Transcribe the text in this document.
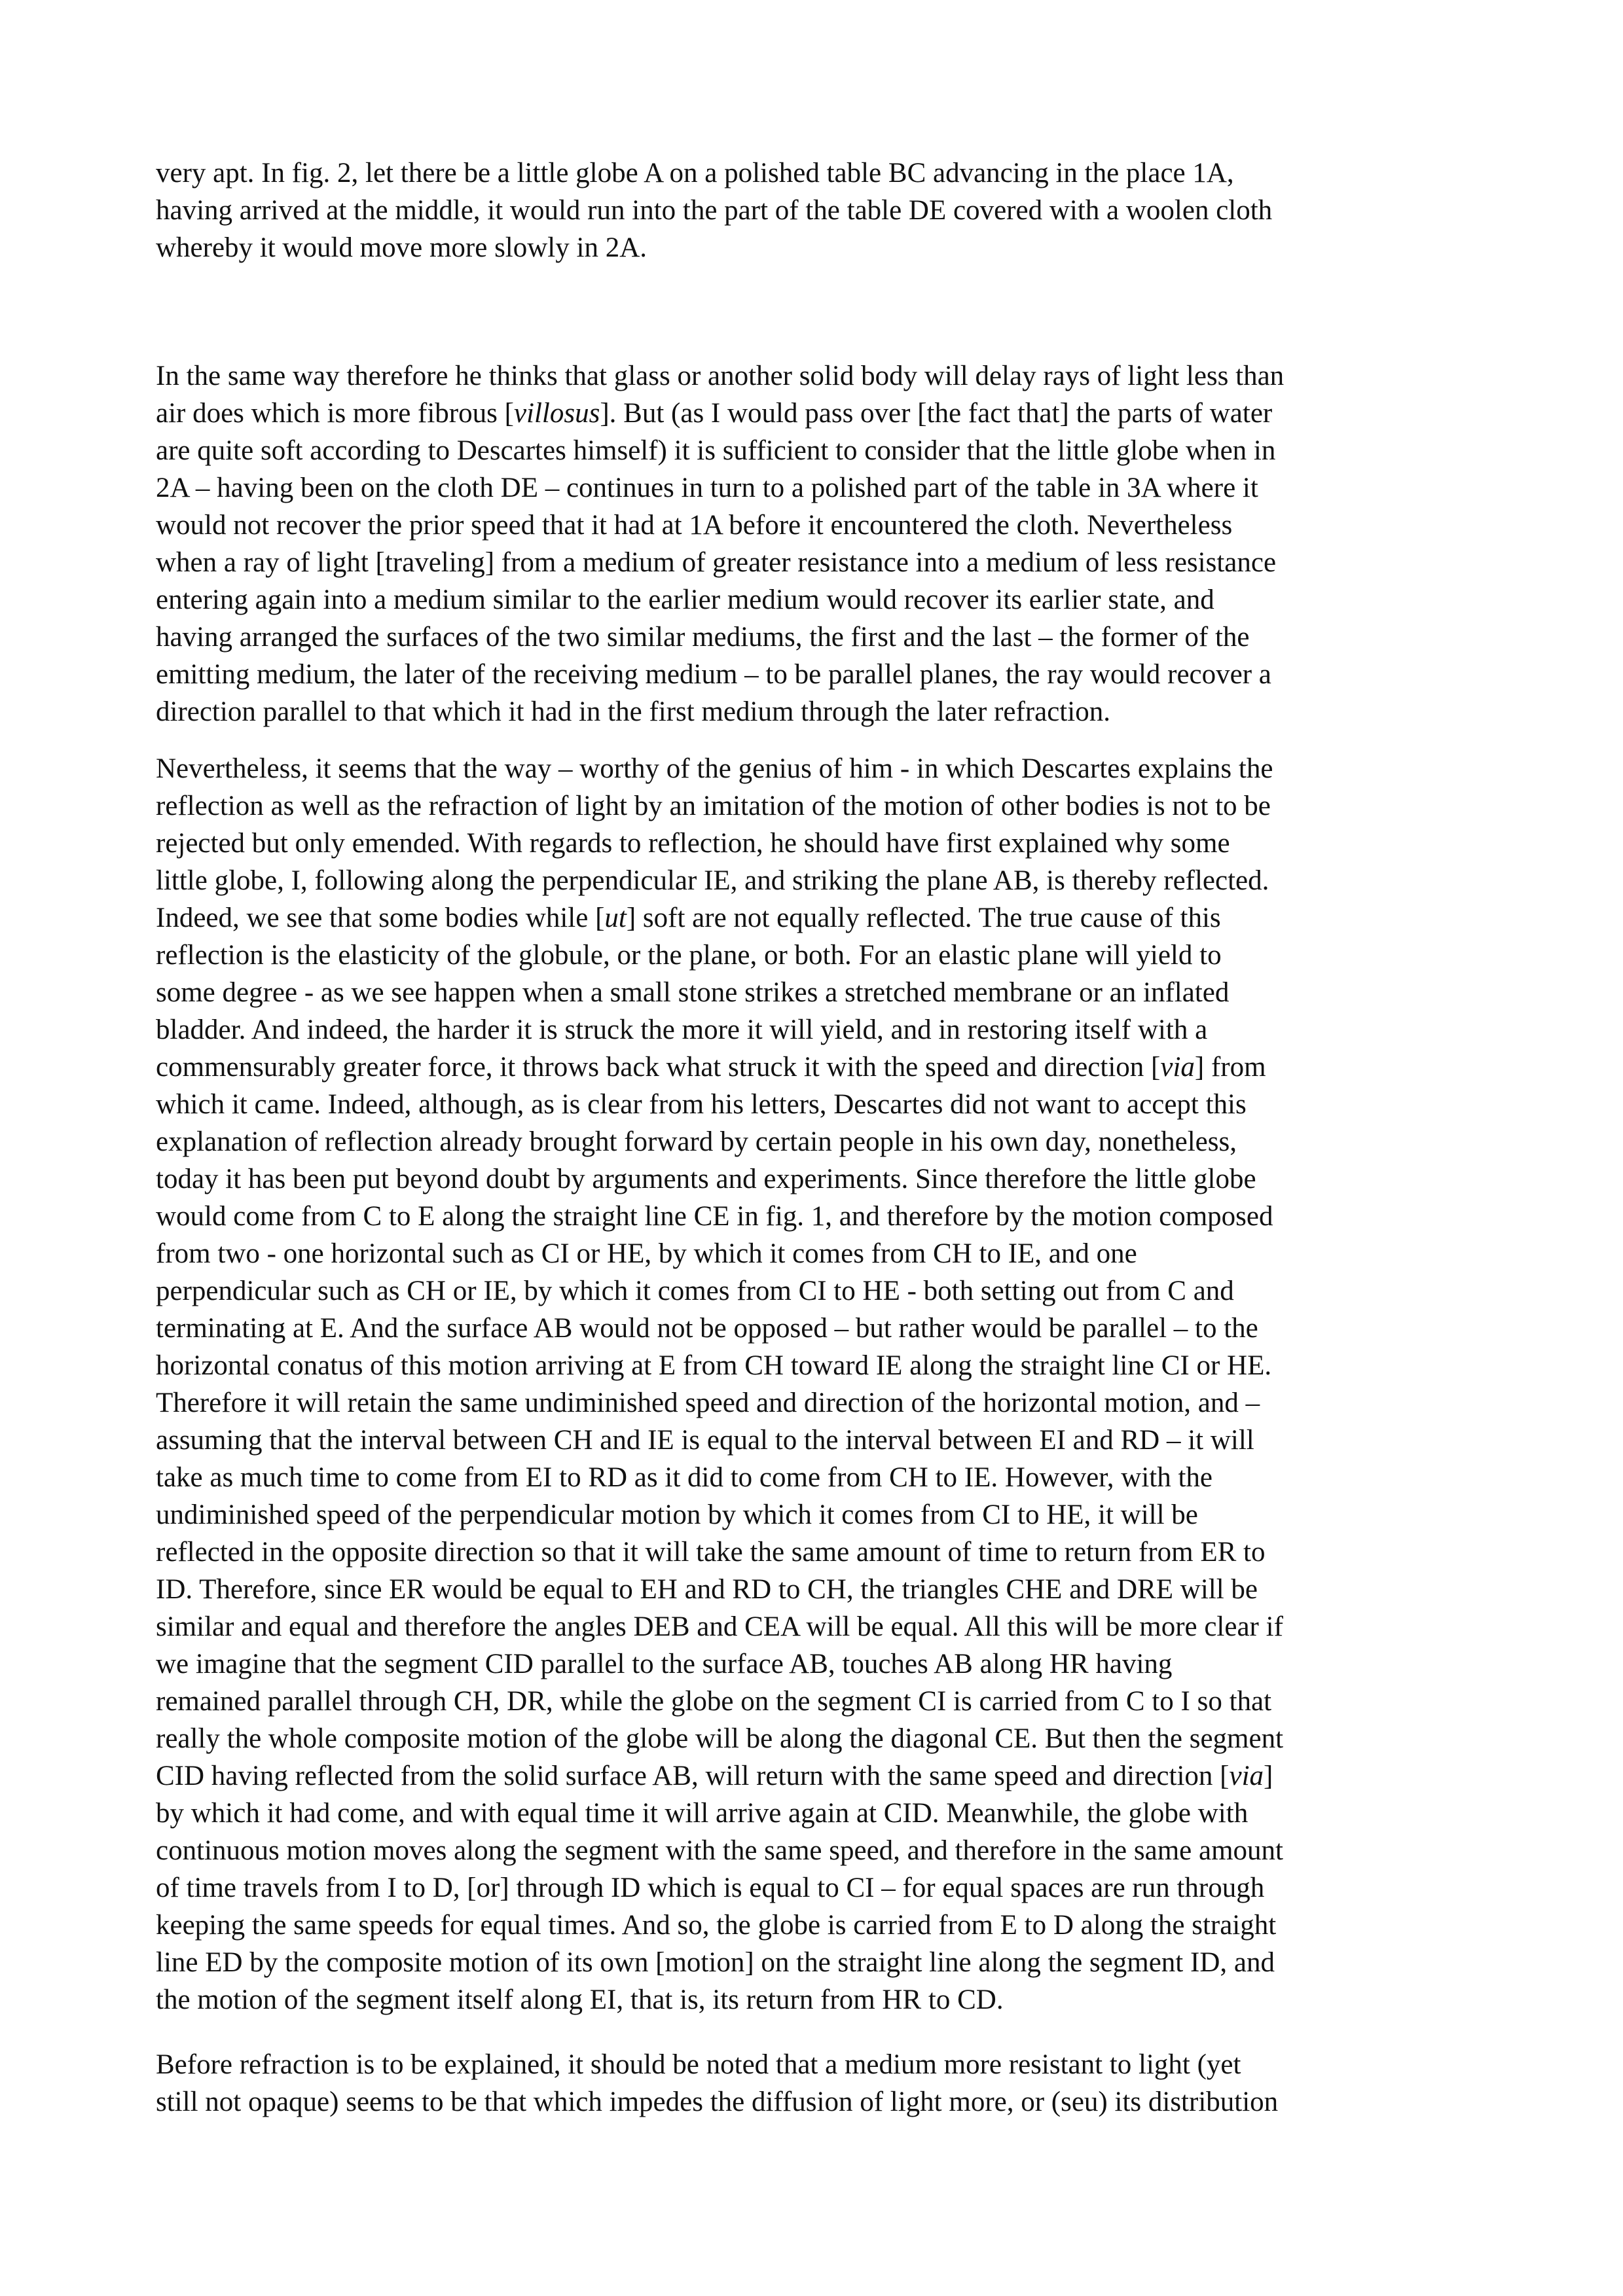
very apt. In fig. 2, let there be a little globe A on a polished table BC advancing in the place 1A,
having arrived at the middle, it would run into the part of the table DE covered with a woolen cloth
whereby it would move more slowly in 2A.
In the same way therefore he thinks that glass or another solid body will delay rays of light less than
air does which is more fibrous [villosus]. But (as I would pass over [the fact that] the parts of water
are quite soft according to Descartes himself) it is sufficient to consider that the little globe when in
2A – having been on the cloth DE – continues in turn to a polished part of the table in 3A where it
would not recover the prior speed that it had at 1A before it encountered the cloth. Nevertheless
when a ray of light [traveling] from a medium of greater resistance into a medium of less resistance
entering again into a medium similar to the earlier medium would recover its earlier state, and
having arranged the surfaces of the two similar mediums, the first and the last – the former of the
emitting medium, the later of the receiving medium – to be parallel planes, the ray would recover a
direction parallel to that which it had in the first medium through the later refraction.
Nevertheless, it seems that the way – worthy of the genius of him - in which Descartes explains the
reflection as well as the refraction of light by an imitation of the motion of other bodies is not to be
rejected but only emended. With regards to reflection, he should have first explained why some
little globe, I, following along the perpendicular IE, and striking the plane AB, is thereby reflected.
Indeed, we see that some bodies while [ut] soft are not equally reflected. The true cause of this
reflection is the elasticity of the globule, or the plane, or both. For an elastic plane will yield to
some degree - as we see happen when a small stone strikes a stretched membrane or an inflated
bladder. And indeed, the harder it is struck the more it will yield, and in restoring itself with a
commensurably greater force, it throws back what struck it with the speed and direction [via] from
which it came. Indeed, although, as is clear from his letters, Descartes did not want to accept this
explanation of reflection already brought forward by certain people in his own day, nonetheless,
today it has been put beyond doubt by arguments and experiments. Since therefore the little globe
would come from C to E along the straight line CE in fig. 1, and therefore by the motion composed
from two - one horizontal such as CI or HE, by which it comes from CH to IE, and one
perpendicular such as CH or IE, by which it comes from CI to HE - both setting out from C and
terminating at E. And the surface AB would not be opposed – but rather would be parallel – to the
horizontal conatus of this motion arriving at E from CH toward IE along the straight line CI or HE.
Therefore it will retain the same undiminished speed and direction of the horizontal motion, and –
assuming that the interval between CH and IE is equal to the interval between EI and RD – it will
take as much time to come from EI to RD as it did to come from CH to IE. However, with the
undiminished speed of the perpendicular motion by which it comes from CI to HE, it will be
reflected in the opposite direction so that it will take the same amount of time to return from ER to
ID. Therefore, since ER would be equal to EH and RD to CH, the triangles CHE and DRE will be
similar and equal and therefore the angles DEB and CEA will be equal. All this will be more clear if
we imagine that the segment CID parallel to the surface AB, touches AB along HR having
remained parallel through CH, DR, while the globe on the segment CI is carried from C to I so that
really the whole composite motion of the globe will be along the diagonal CE. But then the segment
CID having reflected from the solid surface AB, will return with the same speed and direction [via]
by which it had come, and with equal time it will arrive again at CID. Meanwhile, the globe with
continuous motion moves along the segment with the same speed, and therefore in the same amount
of time travels from I to D, [or] through ID which is equal to CI – for equal spaces are run through
keeping the same speeds for equal times. And so, the globe is carried from E to D along the straight
line ED by the composite motion of its own [motion] on the straight line along the segment ID, and
the motion of the segment itself along EI, that is, its return from HR to CD.
Before refraction is to be explained, it should be noted that a medium more resistant to light (yet
still not opaque) seems to be that which impedes the diffusion of light more, or (seu) its distribution
